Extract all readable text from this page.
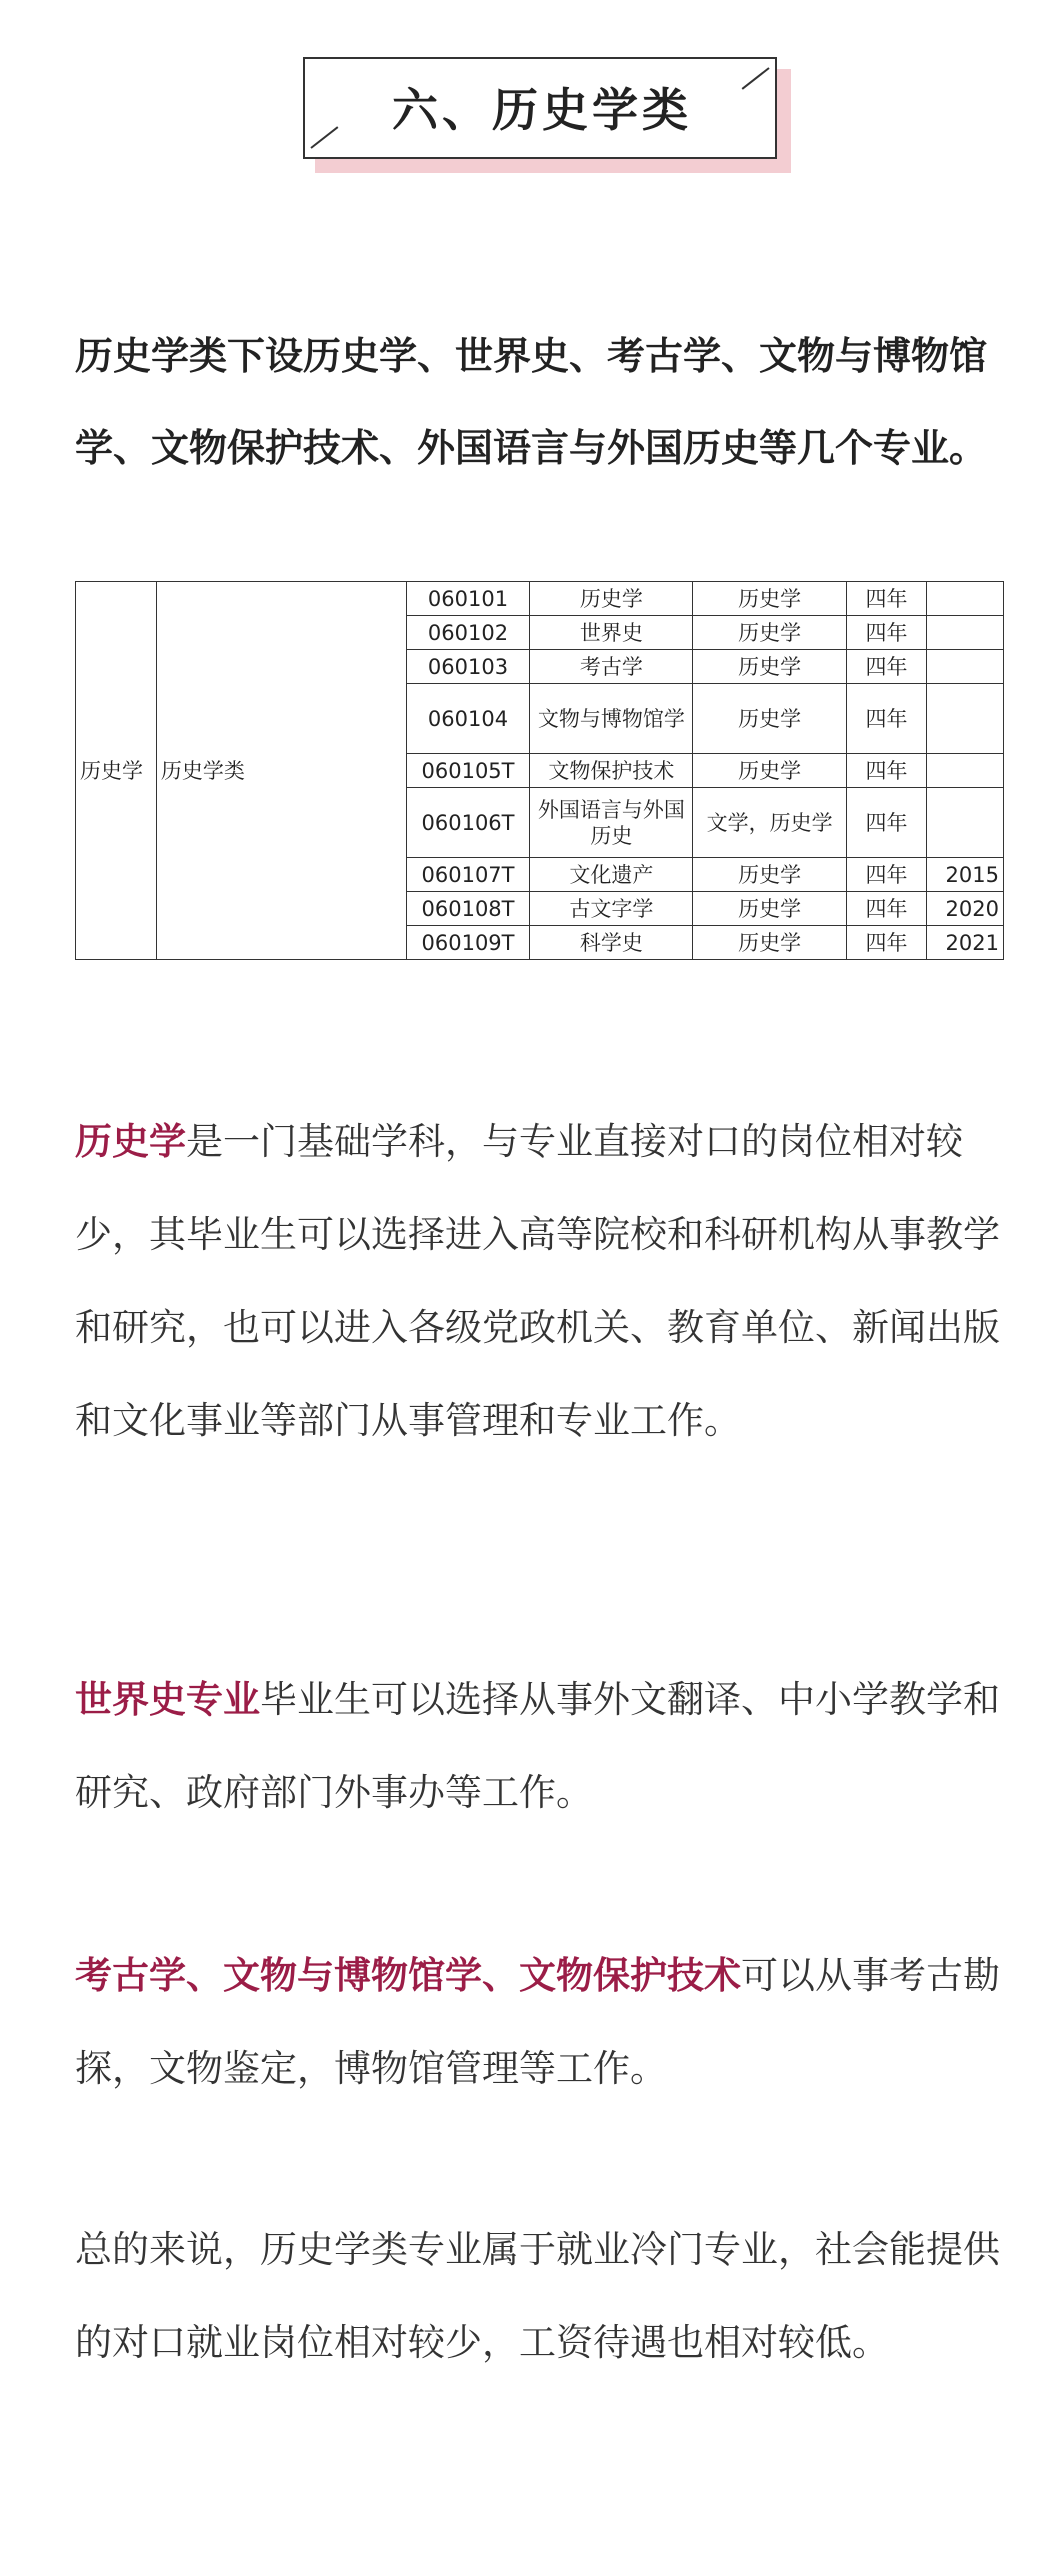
六、历史学类
历史学类下设历史学、世界史、考古学、文物与博物馆学、文物保护技术、外国语言与外国历史等几个专业。
历史学	历史学类	060101	历史学	历史学	四年	
		060102	世界史	历史学	四年	
		060103	考古学	历史学	四年	
		060104	文物与博物馆学	历史学	四年	
		060105T	文物保护技术	历史学	四年	
		060106T	外国语言与外国历史	文学，历史学	四年	
		060107T	文化遗产	历史学	四年	2015
		060108T	古文字学	历史学	四年	2020
		060109T	科学史	历史学	四年	2021
历史学是一门基础学科，与专业直接对口的岗位相对较少，其毕业生可以选择进入高等院校和科研机构从事教学和研究，也可以进入各级党政机关、教育单位、新闻出版和文化事业等部门从事管理和专业工作。
世界史专业毕业生可以选择从事外文翻译、中小学教学和研究、政府部门外事办等工作。
考古学、文物与博物馆学、文物保护技术可以从事考古勘探，文物鉴定，博物馆管理等工作。
总的来说，历史学类专业属于就业冷门专业，社会能提供的对口就业岗位相对较少，工资待遇也相对较低。
